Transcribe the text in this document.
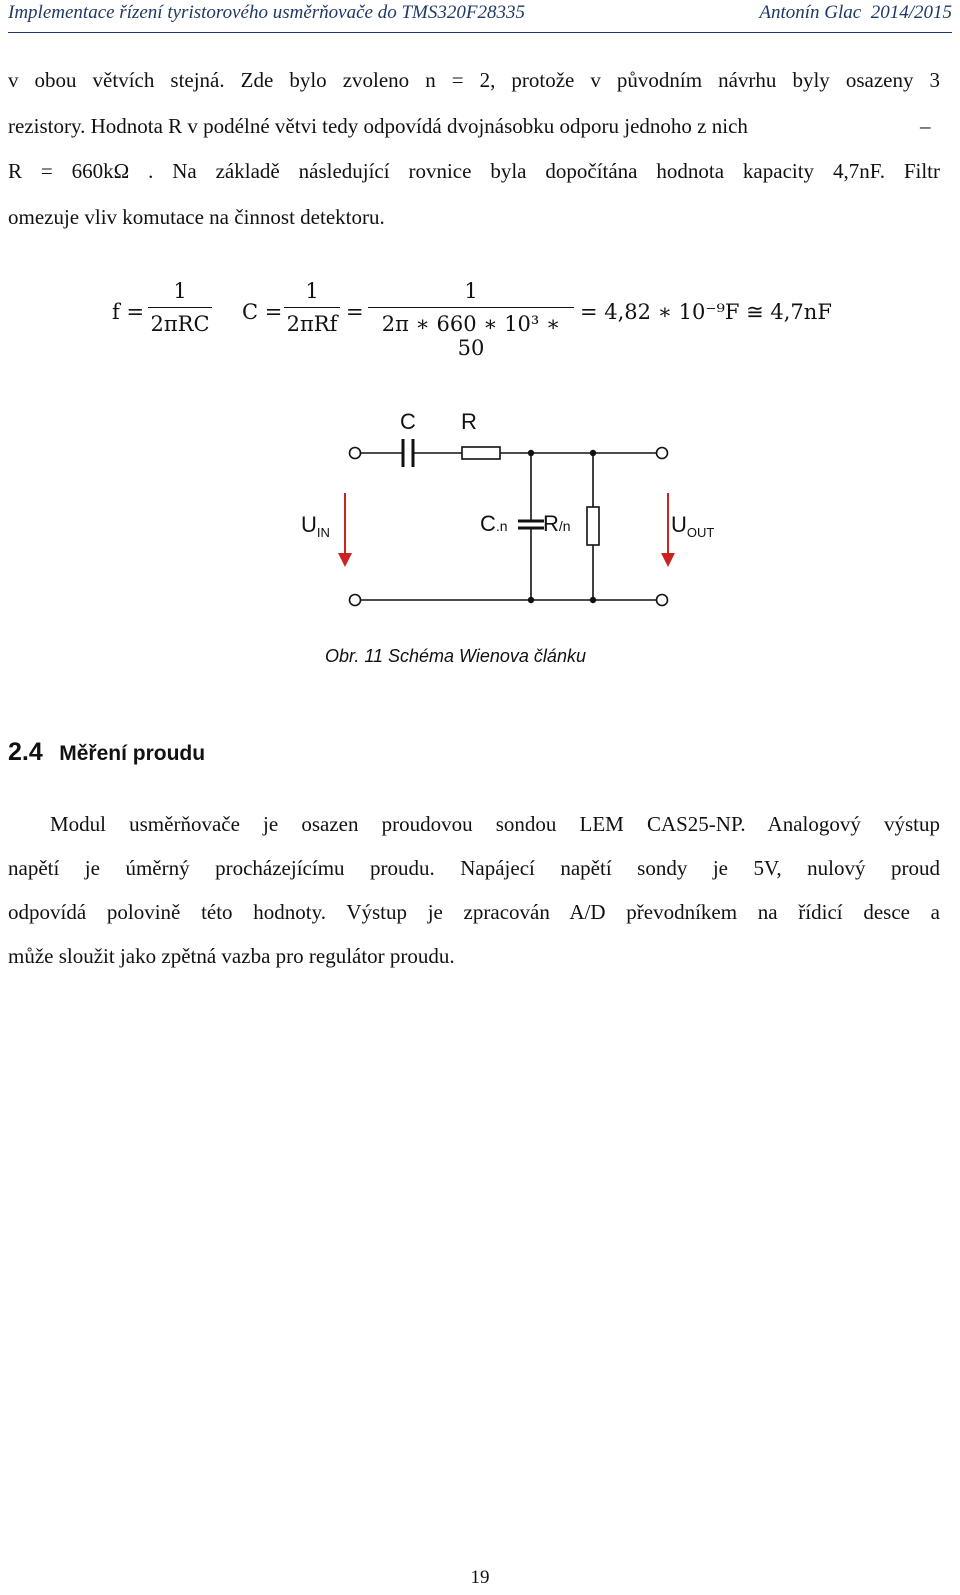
Implementace řízení tyristorového usměrňovače do TMS320F28335	Antonín Glac 2014/2015
v obou větvích stejná. Zde bylo zvoleno n = 2, protože v původním návrhu byly osazeny 3
rezistory. Hodnota R v podélné větvi tedy odpovídá dvojnásobku odporu jednoho z nich	–
R = 660kΩ . Na základě následující rovnice byla dopočítána hodnota kapacity 4,7nF. Filtr
omezuje vliv komutace na činnost detektoru.
f =
1
2πRC C =
1
2πRf =
1
2π ∗ 660 ∗ 10³ ∗ 50
= 4,82 ∗ 10⁻⁹F ≅ 4,7nF
C R
$U_{IN}$	C.n R/n	$U_{OUT}$
Obr. 11 Schéma Wienova článku
2.4 Měření proudu
Modul usměrňovače je osazen proudovou sondou LEM CAS25-NP. Analogový výstup
napětí je úměrný procházejícímu proudu. Napájecí napětí sondy je 5V, nulový proud
odpovídá polovině této hodnoty. Výstup je zpracován A/D převodníkem na řídicí desce a
může sloužit jako zpětná vazba pro regulátor proudu.
19
